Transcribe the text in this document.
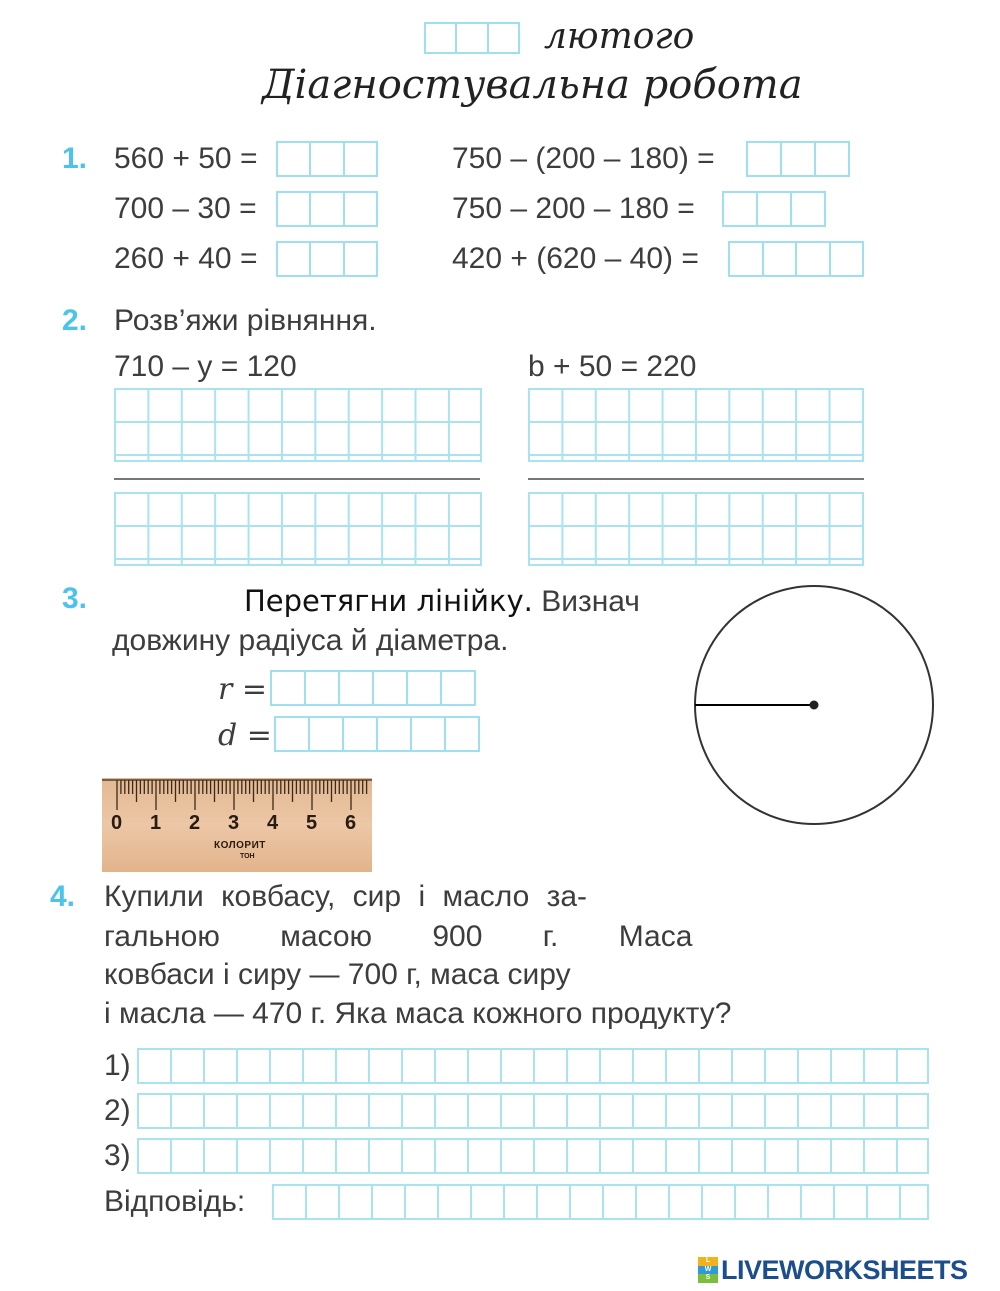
лютого
Діагностувальна робота
1. 560 + 50 =
700 – 30 =
260 + 40 =
750 – (200 – 180) =
750 – 200 – 180 =
420 + (620 – 40) =
2. Розв’яжи рівняння.
710 – y = 120	b + 50 = 220
3.	Перетягни лінійку. Визнач
довжину радіуса й діаметра.
r =
d =
0 1 2 3 4 5 6
КОЛОРИТ
ТОН
4. Купили ковбасу, сир і масло за-
гальною масою 900 г. Маса
ковбаси і сиру — 700 г, маса сиру
і масла — 470 г. Яка маса кожного продукту?
1)
2)
3)
Відповідь:
L
W
S LIVEWORKSHEETS
